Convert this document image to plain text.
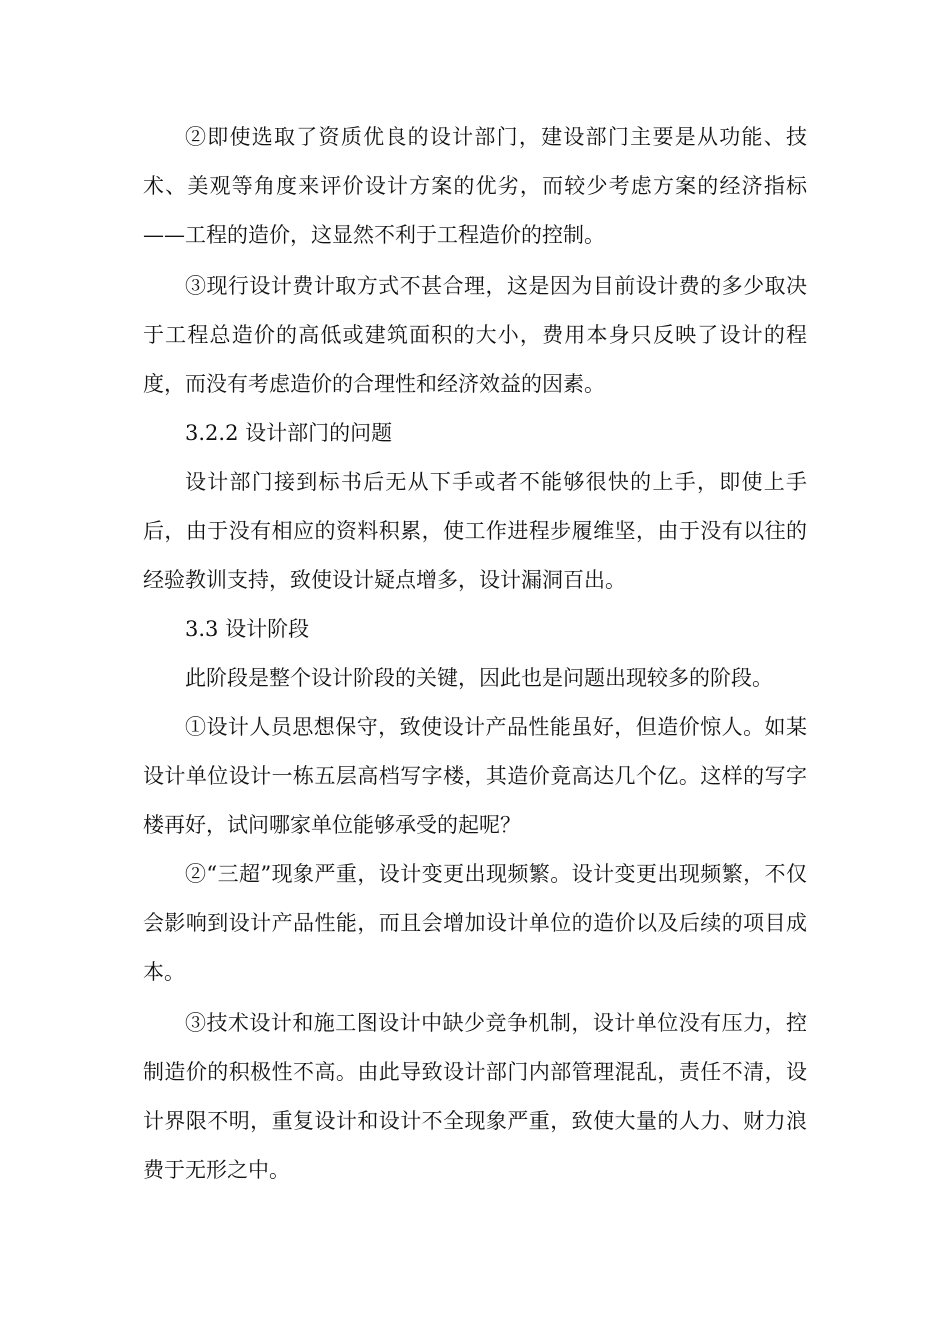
②即使选取了资质优良的设计部门，建设部门主要是从功能、技术、美观等角度来评价设计方案的优劣，而较少考虑方案的经济指标——工程的造价，这显然不利于工程造价的控制。

③现行设计费计取方式不甚合理，这是因为目前设计费的多少取决于工程总造价的高低或建筑面积的大小，费用本身只反映了设计的程度，而没有考虑造价的合理性和经济效益的因素。

3.2.2 设计部门的问题

设计部门接到标书后无从下手或者不能够很快的上手，即使上手后，由于没有相应的资料积累，使工作进程步履维坚，由于没有以往的经验教训支持，致使设计疑点增多，设计漏洞百出。

3.3 设计阶段

此阶段是整个设计阶段的关键，因此也是问题出现较多的阶段。

①设计人员思想保守，致使设计产品性能虽好，但造价惊人。如某设计单位设计一栋五层高档写字楼，其造价竟高达几个亿。这样的写字楼再好，试问哪家单位能够承受的起呢？

②“三超”现象严重，设计变更出现频繁。设计变更出现频繁，不仅会影响到设计产品性能，而且会增加设计单位的造价以及后续的项目成本。

③技术设计和施工图设计中缺少竞争机制，设计单位没有压力，控制造价的积极性不高。由此导致设计部门内部管理混乱，责任不清，设计界限不明，重复设计和设计不全现象严重，致使大量的人力、财力浪费于无形之中。
